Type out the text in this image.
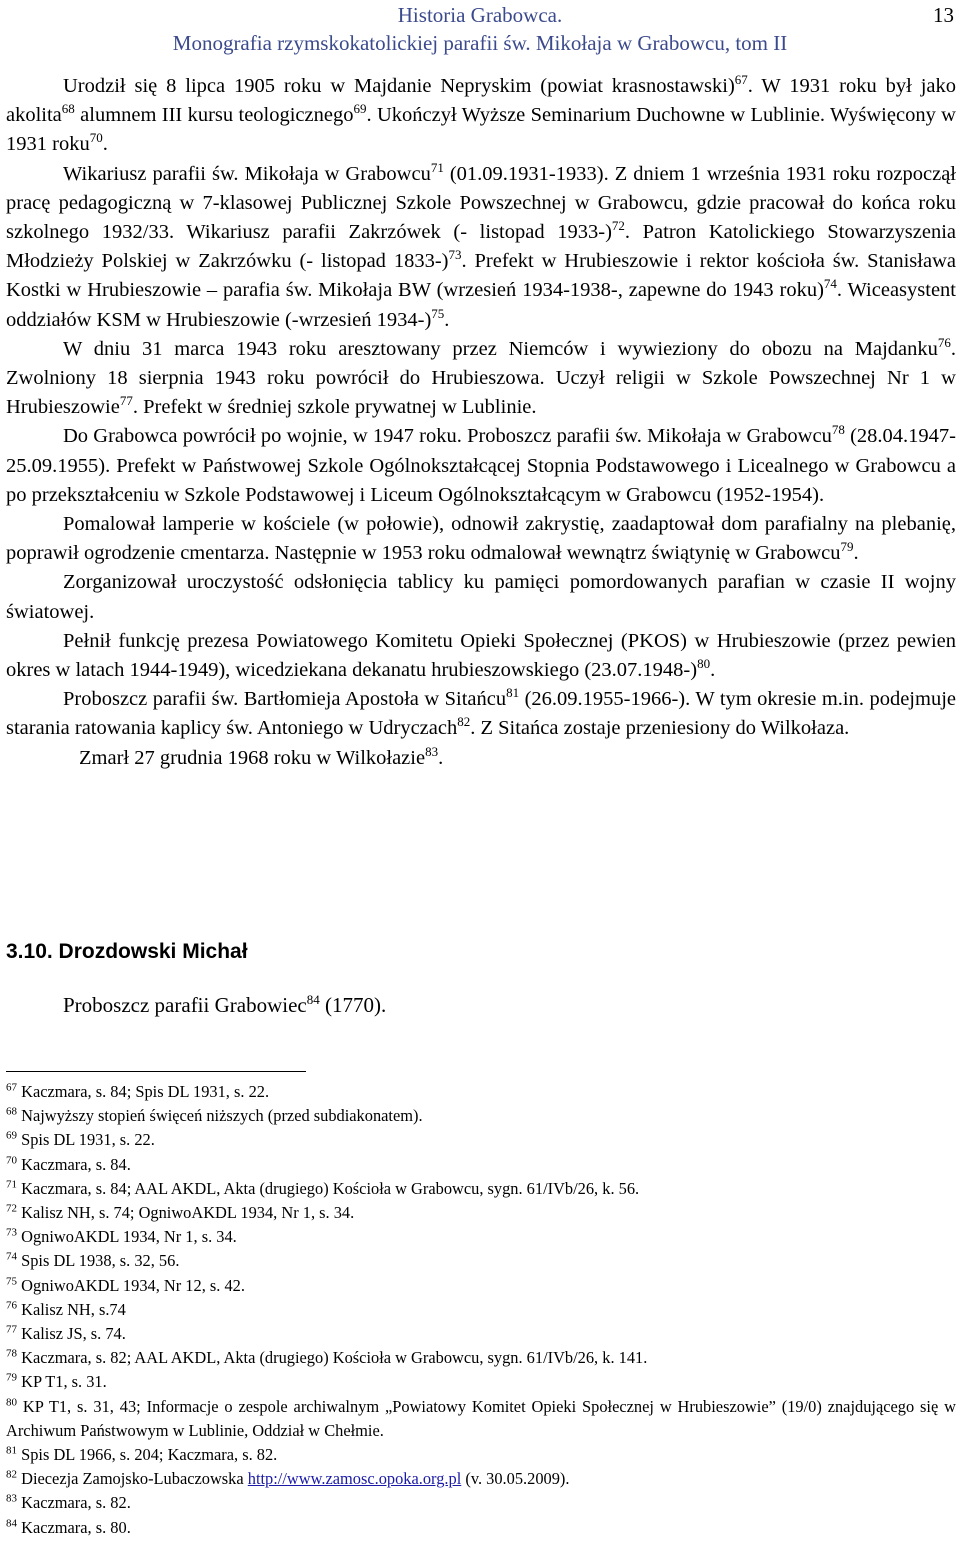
Historia Grabowca.
Monografia rzymskokatolickiej parafii św. Mikołaja w Grabowcu, tom II
13

Urodził się 8 lipca 1905 roku w Majdanie Nepryskim (powiat krasnostawski)$^{67}$. W 1931 roku był jako akolita$^{68}$ alumnem III kursu teologicznego$^{69}$. Ukończył Wyższe Seminarium Duchowne w Lublinie. Wyświęcony w 1931 roku$^{70}$.

Wikariusz parafii św. Mikołaja w Grabowcu$^{71}$ (01.09.1931-1933). Z dniem 1 września 1931 roku rozpoczął pracę pedagogiczną w 7-klasowej Publicznej Szkole Powszechnej w Grabowcu, gdzie pracował do końca roku szkolnego 1932/33. Wikariusz parafii Zakrzówek (- listopad 1933-)$^{72}$. Patron Katolickiego Stowarzyszenia Młodzieży Polskiej w Zakrzówku (- listopad 1833-)$^{73}$. Prefekt w Hrubieszowie i rektor kościoła św. Stanisława Kostki w Hrubieszowie – parafia św. Mikołaja BW (wrzesień 1934-1938-, zapewne do 1943 roku)$^{74}$. Wiceasystent oddziałów KSM w Hrubieszowie (-wrzesień 1934-)$^{75}$.

W dniu 31 marca 1943 roku aresztowany przez Niemców i wywieziony do obozu na Majdanku$^{76}$. Zwolniony 18 sierpnia 1943 roku powrócił do Hrubieszowa. Uczył religii w Szkole Powszechnej Nr 1 w Hrubieszowie$^{77}$. Prefekt w średniej szkole prywatnej w Lublinie.

Do Grabowca powrócił po wojnie, w 1947 roku. Proboszcz parafii św. Mikołaja w Grabowcu$^{78}$ (28.04.1947-25.09.1955). Prefekt w Państwowej Szkole Ogólnokształcącej Stopnia Podstawowego i Licealnego w Grabowcu a po przekształceniu w Szkole Podstawowej i Liceum Ogólnokształcącym w Grabowcu (1952-1954).

Pomalował lamperie w kościele (w połowie), odnowił zakrystię, zaadaptował dom parafialny na plebanię, poprawił ogrodzenie cmentarza. Następnie w 1953 roku odmalował wewnątrz świątynię w Grabowcu$^{79}$.

Zorganizował uroczystość odsłonięcia tablicy ku pamięci pomordowanych parafian w czasie II wojny światowej.

Pełnił funkcję prezesa Powiatowego Komitetu Opieki Społecznej (PKOS) w Hrubieszowie (przez pewien okres w latach 1944-1949), wicedziekana dekanatu hrubieszowskiego $(23.07.1948-)^{80}$.

Proboszcz parafii św. Bartłomieja Apostoła w Sitańcu$^{81}$ (26.09.1955-1966-). W tym okresie m.in. podejmuje starania ratowania kaplicy św. Antoniego w Udryczach$^{82}$. Z Sitańca zostaje przeniesiony do Wilkołaza.

Zmarł 27 grudnia 1968 roku w Wilkołazie$^{83}$.

3.10. Drozdowski Michał
Proboszcz parafii Grabowiec$^{84}$ (1770).

$^{67}$ Kaczmara, s. 84; Spis DL 1931, s. 22.

$^{68}$ Najwyższy stopień święceń niższych (przed subdiakonatem).

$^{69}$ Spis DL 1931, s. 22.

$^{70}$ Kaczmara, s. 84.

$^{71}$ Kaczmara, s. 84; AAL AKDL, Akta (drugiego) Kościoła w Grabowcu, sygn. 61/IVb/26, k. 56.

$^{72}$ Kalisz NH, s. 74; OgniwoAKDL 1934, Nr 1, s. 34.

$^{73}$ OgniwoAKDL 1934, Nr 1, s. 34.

$^{74}$ Spis DL 1938, s. 32, 56.

$^{75}$ OgniwoAKDL 1934, Nr 12, s. 42.

$^{76}$ Kalisz NH, s.74

$^{77}$ Kalisz JS, s. 74.

$^{78}$ Kaczmara, s. 82; AAL AKDL, Akta (drugiego) Kościoła w Grabowcu, sygn. 61/IVb/26, k. 141.

$^{79}$ KP T1, s. 31.

$^{80}$ KP T1, s. 31, 43; Informacje o zespole archiwalnym „Powiatowy Komitet Opieki Społecznej w Hrubieszowie” (19/0) znajdującego się w Archiwum Państwowym w Lublinie, Oddział w Chełmie.

$^{81}$ Spis DL 1966, s. 204; Kaczmara, s. 82.

$^{82}$ Diecezja Zamojsko-Lubaczowska http://www.zamosc.opoka.org.pl (v. 30.05.2009).

$^{83}$ Kaczmara, s. 82.

$^{84}$ Kaczmara, s. 80.
